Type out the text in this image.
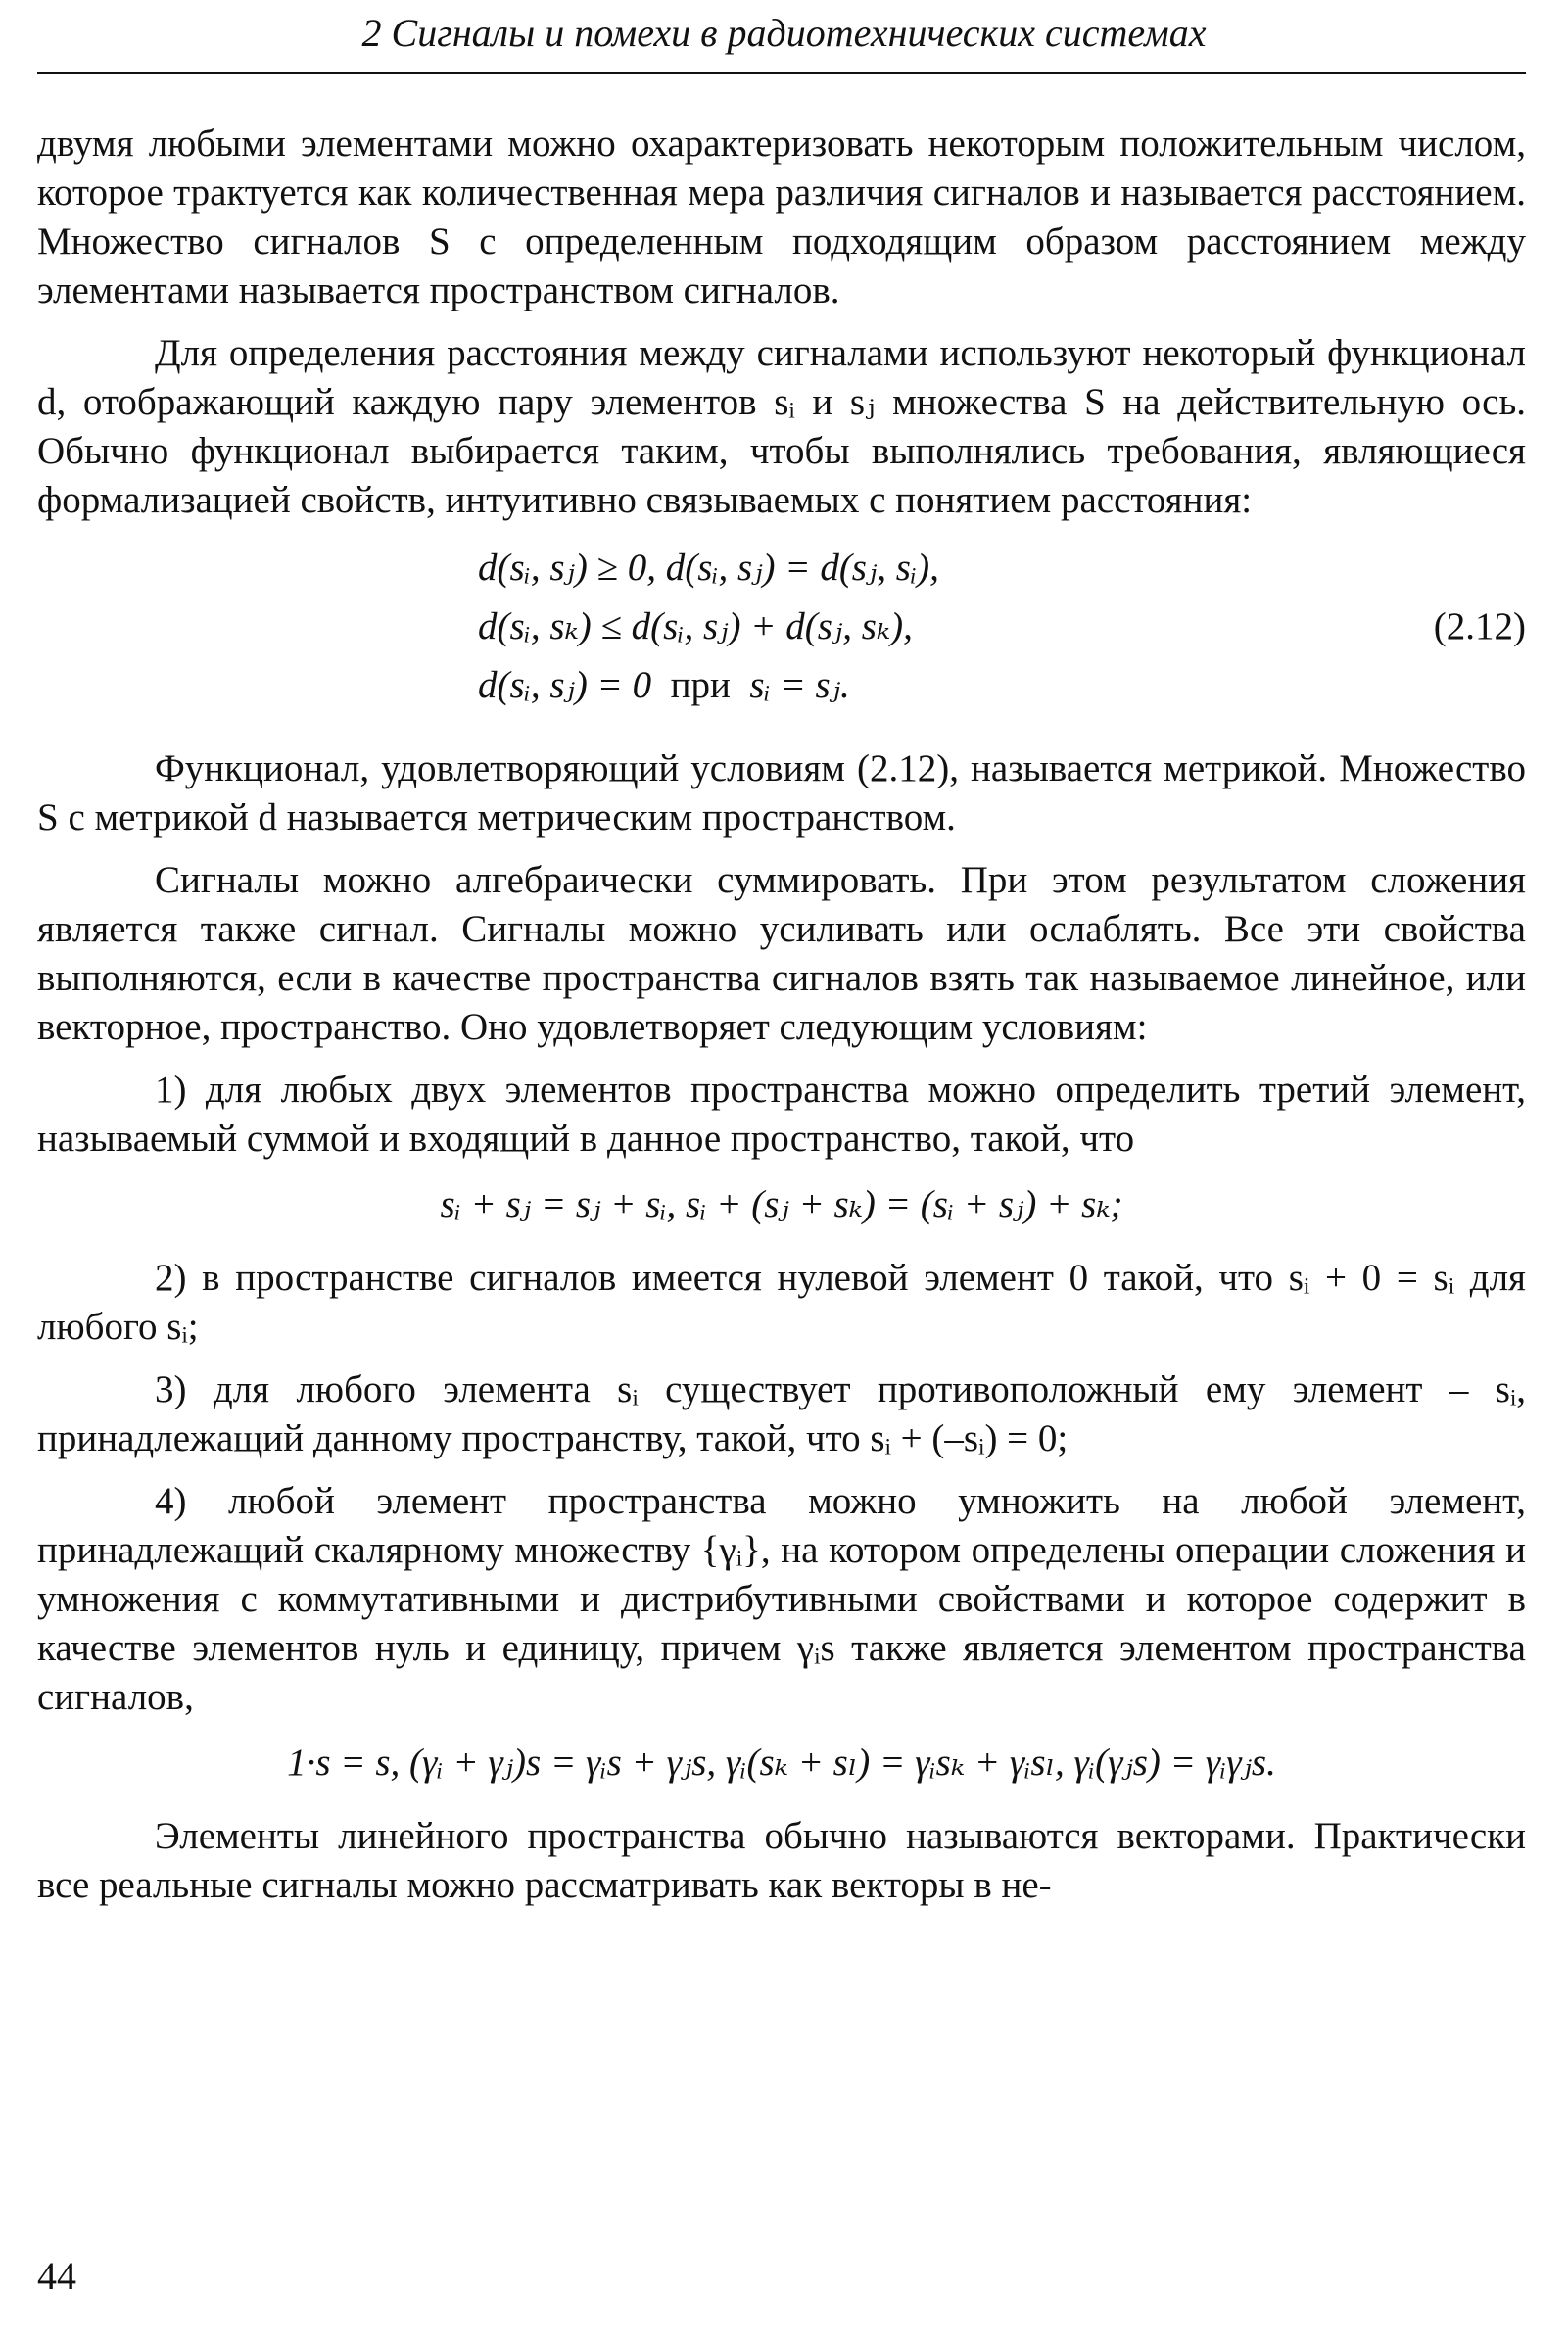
2 Сигналы и помехи в радиотехнических системах

двумя любыми элементами можно охарактеризовать некоторым положительным числом, которое трактуется как количественная мера различия сигналов и называется расстоянием. Множество сигналов S с определенным подходящим образом расстоянием между элементами называется пространством сигналов.

Для определения расстояния между сигналами используют некоторый функционал d, отображающий каждую пару элементов sᵢ и sⱼ множества S на действительную ось. Обычно функционал выбирается таким, чтобы выполнялись требования, являющиеся формализацией свойств, интуитивно связываемых с понятием расстояния:

d(sᵢ, sⱼ) ≥ 0, d(sᵢ, sⱼ) = d(sⱼ, sᵢ),
d(sᵢ, sₖ) ≤ d(sᵢ, sⱼ) + d(sⱼ, sₖ),
d(sᵢ, sⱼ) = 0 при sᵢ = sⱼ.
(2.12)

Функционал, удовлетворяющий условиям (2.12), называется метрикой. Множество S с метрикой d называется метрическим пространством.

Сигналы можно алгебраически суммировать. При этом результатом сложения является также сигнал. Сигналы можно усиливать или ослаблять. Все эти свойства выполняются, если в качестве пространства сигналов взять так называемое линейное, или векторное, пространство. Оно удовлетворяет следующим условиям:

1) для любых двух элементов пространства можно определить третий элемент, называемый суммой и входящий в данное пространство, такой, что

sᵢ + sⱼ = sⱼ + sᵢ, sᵢ + (sⱼ + sₖ) = (sᵢ + sⱼ) + sₖ;

2) в пространстве сигналов имеется нулевой элемент 0 такой, что sᵢ + 0 = sᵢ для любого sᵢ;

3) для любого элемента sᵢ существует противоположный ему элемент – sᵢ, принадлежащий данному пространству, такой, что sᵢ + (–sᵢ) = 0;

4) любой элемент пространства можно умножить на любой элемент, принадлежащий скалярному множеству {γᵢ}, на котором определены операции сложения и умножения с коммутативными и дистрибутивными свойствами и которое содержит в качестве элементов нуль и единицу, причем γᵢs также является элементом пространства сигналов,

1·s = s, (γᵢ + γⱼ)s = γᵢs + γⱼs, γᵢ(sₖ + sₗ) = γᵢsₖ + γᵢsₗ, γᵢ(γⱼs) = γᵢγⱼs.

Элементы линейного пространства обычно называются векторами. Практически все реальные сигналы можно рассматривать как векторы в не-

44
